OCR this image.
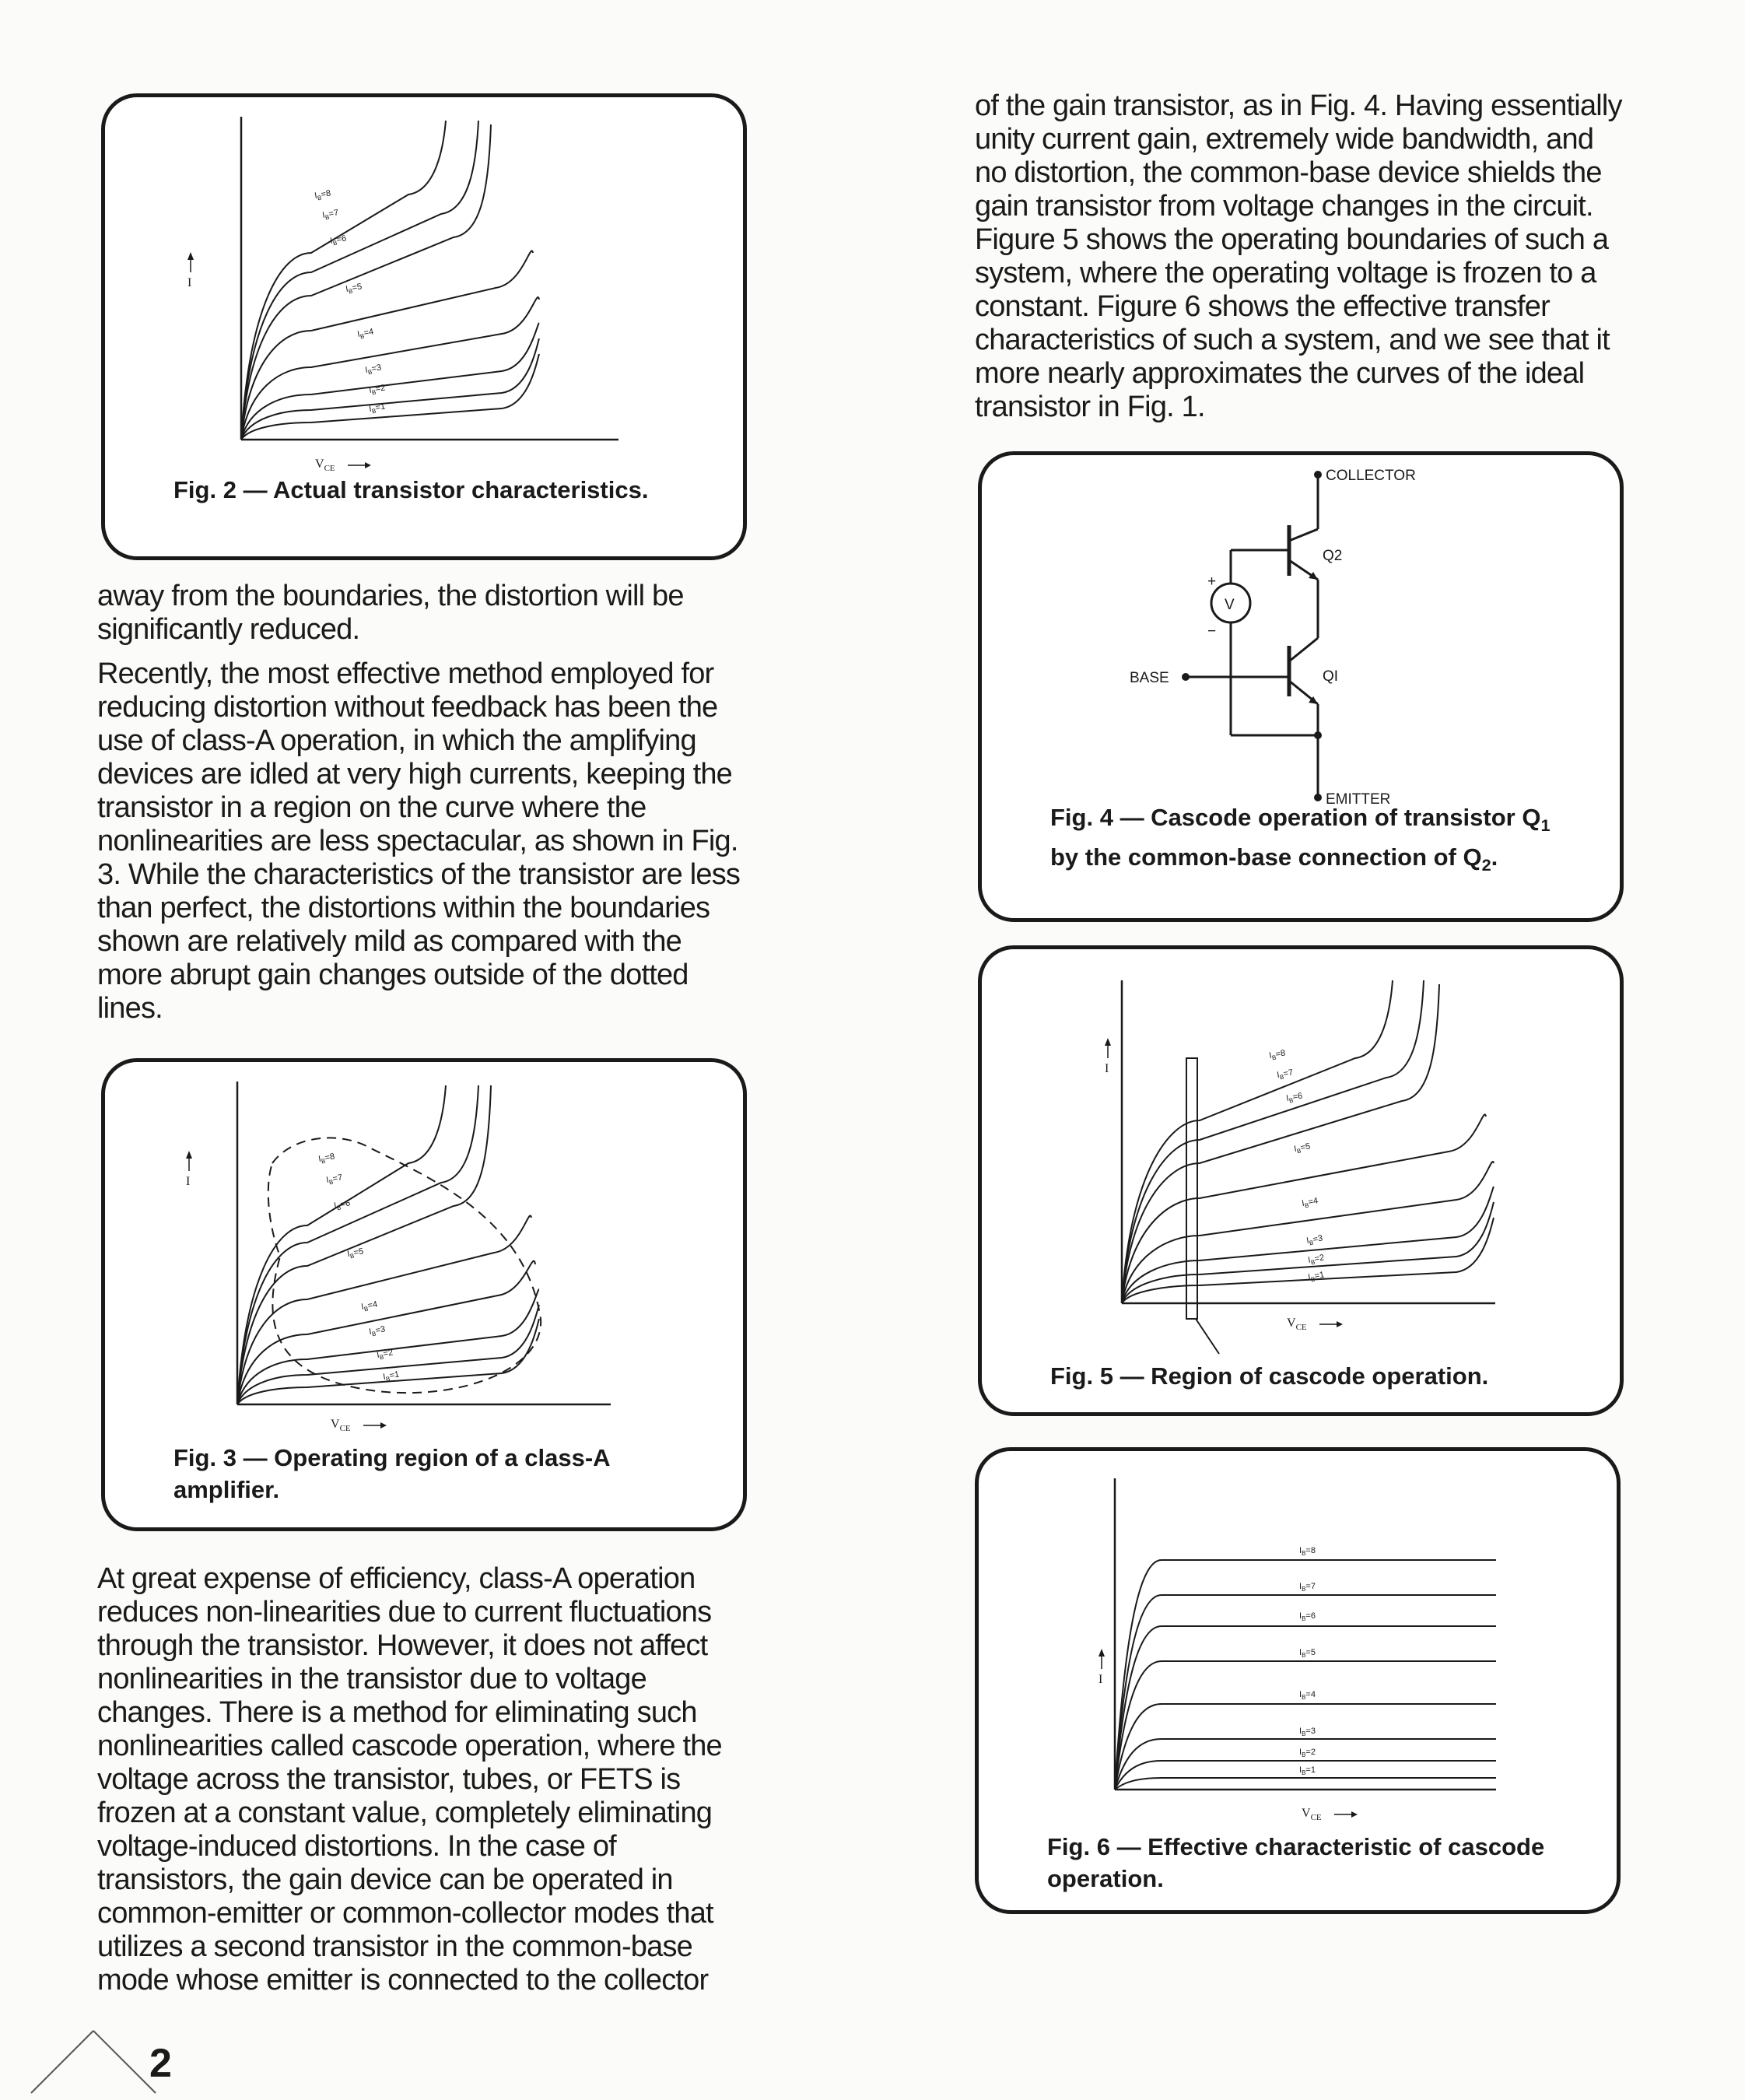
I
$V_{CE}$
$I_B=1$
$I_B=2$
$I_B=3$
$I_B=4$
$I_B=5$
$I_B=6$
$I_B=7$
$I_B=8$
Fig. 2 — Actual transistor characteristics.

away from the boundaries, the distortion will be significantly reduced.

Recently, the most effective method employed for reducing distortion without feedback has been the use of class-A operation, in which the amplifying devices are idled at very high currents, keeping the transistor in a region on the curve where the nonlinearities are less spectacular, as shown in Fig. 3. While the characteristics of the transistor are less than perfect, the distortions within the boundaries shown are relatively mild as compared with the more abrupt gain changes outside of the dotted lines.

I
$V_{CE}$
$I_B=1$
$I_B=2$
$I_B=3$
$I_B=4$
$I_B=5$
$I_B=6$
$I_B=7$
$I_B=8$
Fig. 3 — Operating region of a class-A amplifier.

At great expense of efficiency, class-A operation reduces non-linearities due to current fluctuations through the transistor. However, it does not affect nonlinearities in the transistor due to voltage changes. There is a method for eliminating such nonlinearities called cascode operation, where the voltage across the transistor, tubes, or FETS is frozen at a constant value, completely eliminating voltage-induced distortions. In the case of transistors, the gain device can be operated in common-emitter or common-collector modes that utilizes a second transistor in the common-base mode whose emitter is connected to the collector

of the gain transistor, as in Fig. 4. Having essentially unity current gain, extremely wide bandwidth, and no distortion, the common-base device shields the gain transistor from voltage changes in the circuit. Figure 5 shows the operating boundaries of such a system, where the operating voltage is frozen to a constant. Figure 6 shows the effective transfer characteristics of such a system, and we see that it more nearly approximates the curves of the ideal transistor in Fig. 1.

COLLECTOR
Q2
V
+
−
QI
BASE
EMITTER
Fig. 4 — Cascode operation of transistor $Q_1$ by the common-base connection of $Q_2$.
I
$V_{CE}$
$I_B=1$
$I_B=2$
$I_B=3$
$I_B=4$
$I_B=5$
$I_B=6$
$I_B=7$
$I_B=8$
Fig. 5 — Region of cascode operation.
I
$V_{CE}$
$I_B=1$
$I_B=2$
$I_B=3$
$I_B=4$
$I_B=5$
$I_B=6$
$I_B=7$
$I_B=8$
Fig. 6 — Effective characteristic of cascode operation.
2
